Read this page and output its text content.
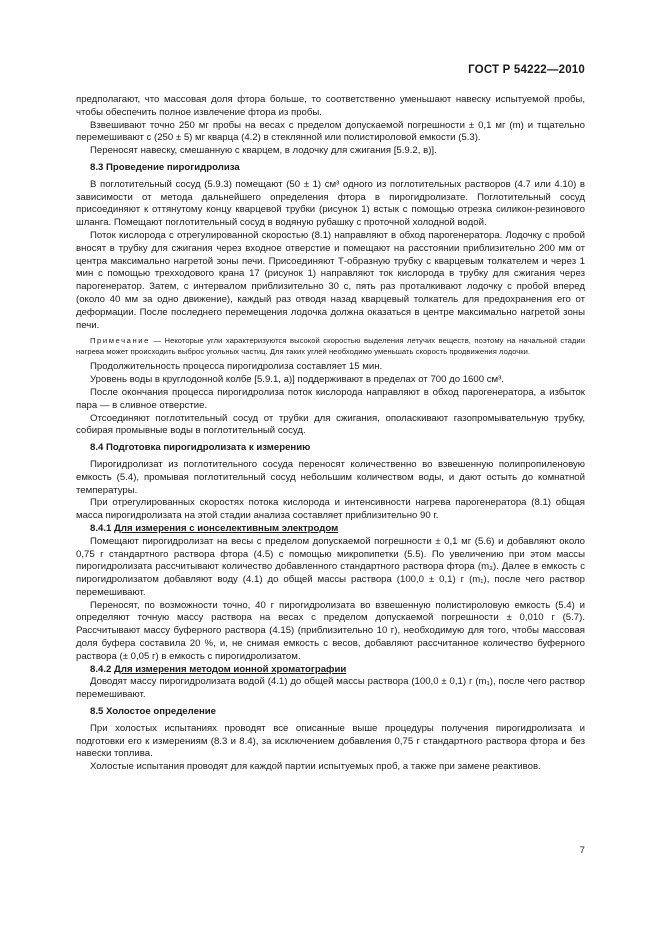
ГОСТ Р 54222—2010

предполагают, что массовая доля фтора больше, то соответственно уменьшают навеску испытуемой пробы, чтобы обеспечить полное извлечение фтора из пробы.

Взвешивают точно 250 мг пробы на весах с пределом допускаемой погрешности ± 0,1 мг (m) и тщательно перемешивают с (250 ± 5) мг кварца (4.2) в стеклянной или полистироловой емкости (5.3).

Переносят навеску, смешанную с кварцем, в лодочку для сжигания [5.9.2, в)].

8.3 Проведение пирогидролиза

В поглотительный сосуд (5.9.3) помещают (50 ± 1) см³ одного из поглотительных растворов (4.7 или 4.10) в зависимости от метода дальнейшего определения фтора в пирогидролизате. Поглотительный сосуд присоединяют к оттянутому концу кварцевой трубки (рисунок 1) встык с помощью отрезка силикон-резинового шланга. Помещают поглотительный сосуд в водяную рубашку с проточной холодной водой.

Поток кислорода с отрегулированной скоростью (8.1) направляют в обход парогенератора. Лодочку с пробой вносят в трубку для сжигания через входное отверстие и помещают на расстоянии приблизительно 200 мм от центра максимально нагретой зоны печи. Присоединяют Т-образную трубку с кварцевым толкателем и через 1 мин с помощью трехходового крана 17 (рисунок 1) направляют ток кислорода в трубку для сжигания через парогенератор. Затем, с интервалом приблизительно 30 с, пять раз проталкивают лодочку с пробой вперед (около 40 мм за одно движение), каждый раз отводя назад кварцевый толкатель для предохранения его от деформации. После последнего перемещения лодочка должна оказаться в центре максимально нагретой зоны печи.

Примечание — Некоторые угли характеризуются высокой скоростью выделения летучих веществ, поэтому на начальной стадии нагрева может происходить выброс угольных частиц. Для таких углей необходимо уменьшать скорость продвижения лодочки.

Продолжительность процесса пирогидролиза составляет 15 мин.

Уровень воды в круглодонной колбе [5.9.1, а)] поддерживают в пределах от 700 до 1600 см³.

После окончания процесса пирогидролиза поток кислорода направляют в обход парогенератора, а избыток пара — в сливное отверстие.

Отсоединяют поглотительный сосуд от трубки для сжигания, ополаскивают газопромывательную трубку, собирая промывные воды в поглотительный сосуд.

8.4 Подготовка пирогидролизата к измерению

Пирогидролизат из поглотительного сосуда переносят количественно во взвешенную полипропиленовую емкость (5.4), промывая поглотительный сосуд небольшим количеством воды, и дают остыть до комнатной температуры.

При отрегулированных скоростях потока кислорода и интенсивности нагрева парогенератора (8.1) общая масса пирогидролизата на этой стадии анализа составляет приблизительно 90 г.

8.4.1 Для измерения с ионселективным электродом

Помещают пирогидролизат на весы с пределом допускаемой погрешности ± 0,1 мг (5.6) и добавляют около 0,75 г стандартного раствора фтора (4.5) с помощью микропипетки (5.5). По увеличению при этом массы пирогидролизата рассчитывают количество добавленного стандартного раствора фтора (m₃). Далее в емкость с пирогидролизатом добавляют воду (4.1) до общей массы раствора (100,0 ± 0,1) г (m₁), после чего раствор перемешивают.

Переносят, по возможности точно, 40 г пирогидролизата во взвешенную полистироловую емкость (5.4) и определяют точную массу раствора на весах с пределом допускаемой погрешности ± 0,010 г (5.7). Рассчитывают массу буферного раствора (4.15) (приблизительно 10 г), необходимую для того, чтобы массовая доля буфера составила 20 %, и, не снимая емкость с весов, добавляют рассчитанное количество буферного раствора (± 0,05 г) в емкость с пирогидролизатом.

8.4.2 Для измерения методом ионной хроматографии

Доводят массу пирогидролизата водой (4.1) до общей массы раствора (100,0 ± 0,1) г (m₁), после чего раствор перемешивают.

8.5 Холостое определение

При холостых испытаниях проводят все описанные выше процедуры получения пирогидролизата и подготовки его к измерениям (8.3 и 8.4), за исключением добавления 0,75 г стандартного раствора фтора и без навески топлива.

Холостые испытания проводят для каждой партии испытуемых проб, а также при замене реактивов.

7
